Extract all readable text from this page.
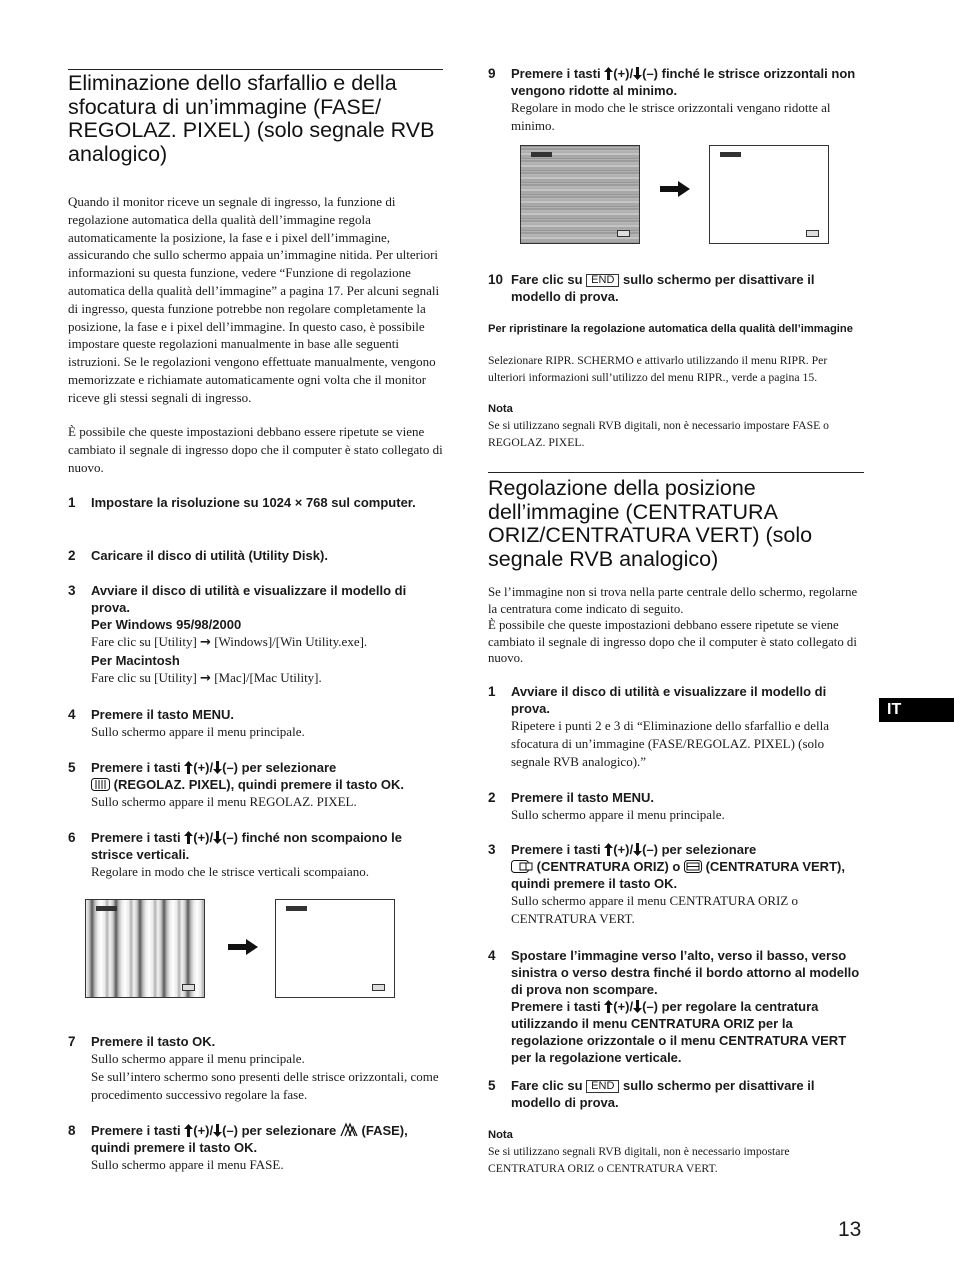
Eliminazione dello sfarfallio e della sfocatura di un’immagine (FASE/ REGOLAZ. PIXEL) (solo segnale RVB analogico)

Quando il monitor riceve un segnale di ingresso, la funzione di regolazione automatica della qualità dell’immagine regola automaticamente la posizione, la fase e i pixel dell’immagine, assicurando che sullo schermo appaia un’immagine nitida. Per ulteriori informazioni su questa funzione, vedere “Funzione di regolazione automatica della qualità dell’immagine” a pagina 17. Per alcuni segnali di ingresso, questa funzione potrebbe non regolare completamente la posizione, la fase e i pixel dell’immagine. In questo caso, è possibile impostare queste regolazioni manualmente in base alle seguenti istruzioni. Se le regolazioni vengono effettuate manualmente, vengono memorizzate e richiamate automaticamente ogni volta che il monitor riceve gli stessi segnali di ingresso.

È possibile che queste impostazioni debbano essere ripetute se viene cambiato il segnale di ingresso dopo che il computer è stato collegato di nuovo.

1	Impostare la risoluzione su 1024 × 768 sul computer.

2	Caricare il disco di utilità (Utility Disk).

3	Avviare il disco di utilità e visualizzare il modello di prova.

Per Windows 95/98/2000

Fare clic su [Utility] → [Windows]/[Win Utility.exe].

Per Macintosh

Fare clic su [Utility] → [Mac]/[Mac Utility].

4	Premere il tasto MENU.

Sullo schermo appare il menu principale.

5	Premere i tasti (+)/ (–) per selezionare
(REGOLAZ. PIXEL), quindi premere il tasto OK.

Sullo schermo appare il menu REGOLAZ. PIXEL.

6	Premere i tasti (+)/ (–) finché non scompaiono le strisce verticali.

Regolare in modo che le strisce verticali scompaiano.

7	Premere il tasto OK.

Sullo schermo appare il menu principale.

Se sull’intero schermo sono presenti delle strisce orizzontali, come procedimento successivo regolare la fase.

8	Premere i tasti (+)/ (–) per selezionare (FASE), quindi premere il tasto OK.

Sullo schermo appare il menu FASE.

9	Premere i tasti (+)/ (–) finché le strisce orizzontali non vengono ridotte al minimo.

Regolare in modo che le strisce orizzontali vengano ridotte al minimo.

10 Fare clic su END sullo schermo per disattivare il modello di prova.

Per ripristinare la regolazione automatica della qualità dell’immagine

Selezionare RIPR. SCHERMO e attivarlo utilizzando il menu RIPR. Per ulteriori informazioni sull’utilizzo del menu RIPR., verde a pagina 15.

Nota

Se si utilizzano segnali RVB digitali, non è necessario impostare FASE o REGOLAZ. PIXEL.

Regolazione della posizione dell’immagine (CENTRATURA ORIZ/CENTRATURA VERT) (solo segnale RVB analogico)

Se l’immagine non si trova nella parte centrale dello schermo, regolarne la centratura come indicato di seguito.

È possibile che queste impostazioni debbano essere ripetute se viene cambiato il segnale di ingresso dopo che il computer è stato collegato di nuovo.

1	Avviare il disco di utilità e visualizzare il modello di prova.

Ripetere i punti 2 e 3 di “Eliminazione dello sfarfallio e della sfocatura di un’immagine (FASE/REGOLAZ. PIXEL) (solo segnale RVB analogico).”

2	Premere il tasto MENU.

Sullo schermo appare il menu principale.

3	Premere i tasti (+)/ (–) per selezionare
(CENTRATURA ORIZ) o (CENTRATURA VERT), quindi premere il tasto OK.

Sullo schermo appare il menu CENTRATURA ORIZ o CENTRATURA VERT.

4	Spostare l’immagine verso l’alto, verso il basso, verso sinistra o verso destra finché il bordo attorno al modello di prova non scompare.

Premere i tasti (+)/ (–) per regolare la centratura utilizzando il menu CENTRATURA ORIZ per la regolazione orizzontale o il menu CENTRATURA VERT per la regolazione verticale.

5	Fare clic su END sullo schermo per disattivare il modello di prova.

Nota

Se si utilizzano segnali RVB digitali, non è necessario impostare CENTRATURA ORIZ o CENTRATURA VERT.

IT
13
